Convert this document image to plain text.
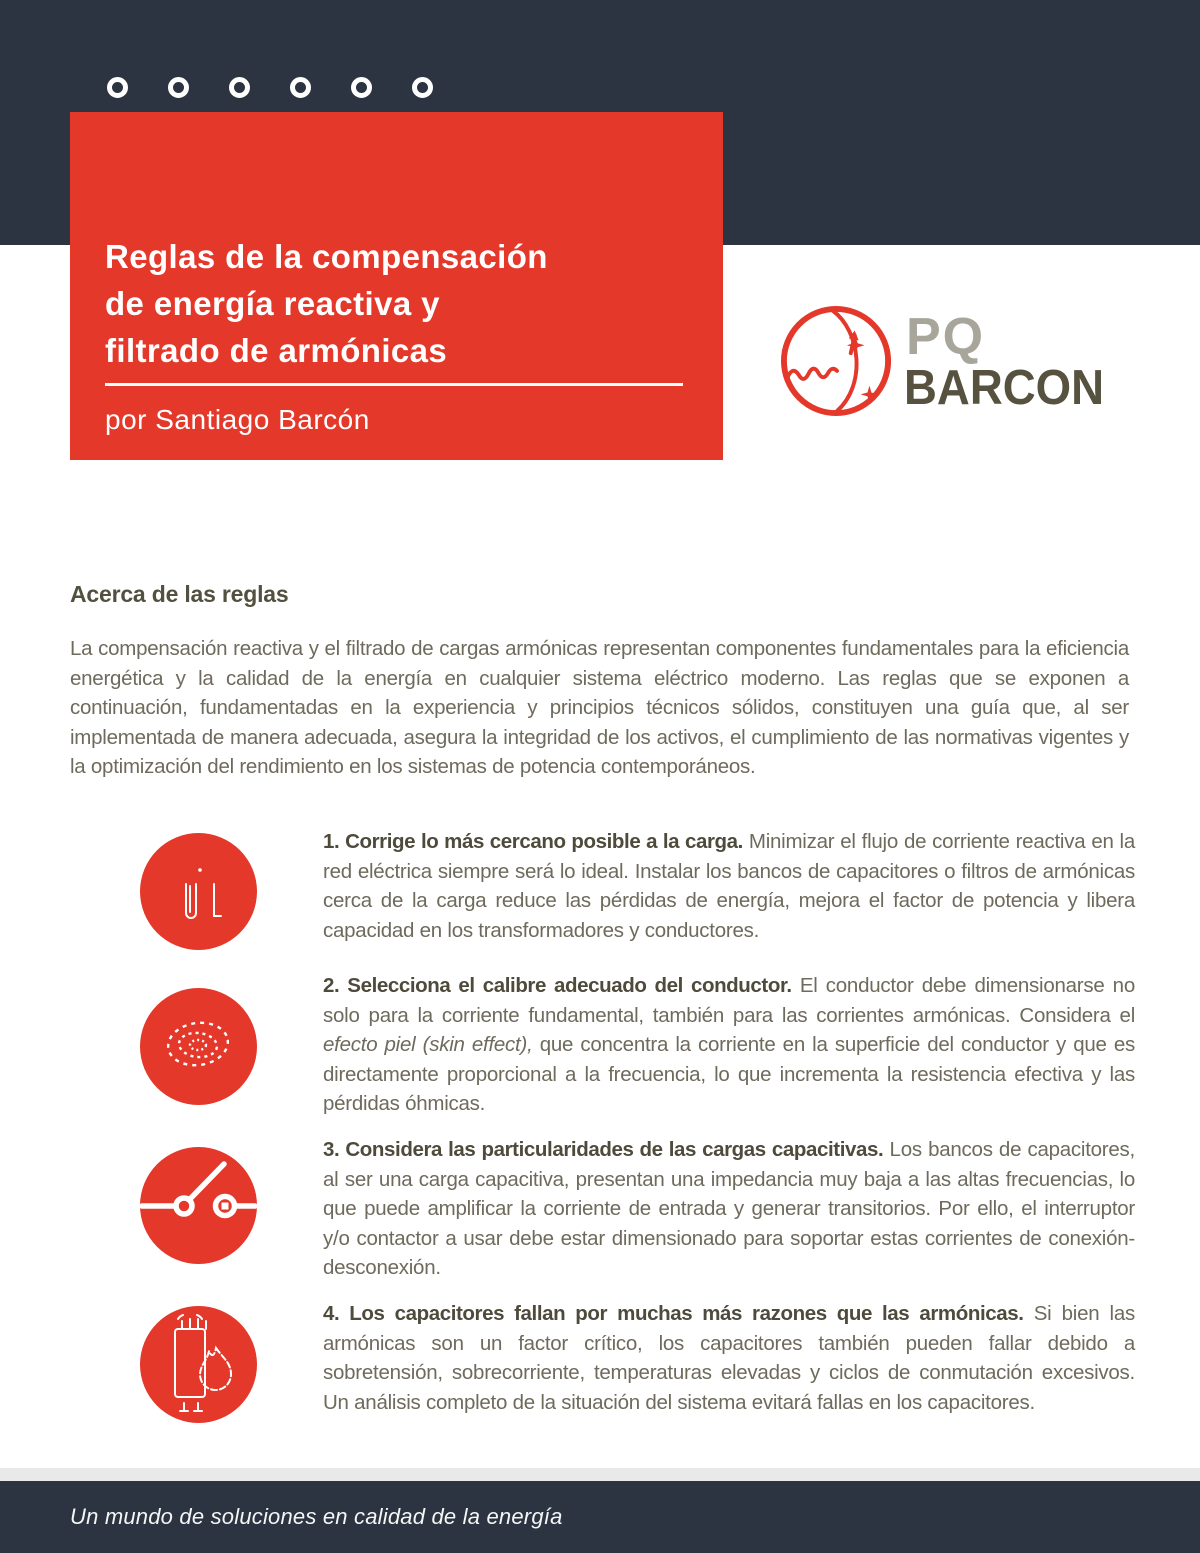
Reglas de la compensación
de energía reactiva y
filtrado de armónicas
por Santiago Barcón
PQ
BARCON
Acerca de las reglas
La compensación reactiva y el filtrado de cargas armónicas representan componentes fundamentales para la eficiencia energética y la calidad de la energía en cualquier sistema eléctrico moderno. Las reglas que se exponen a continuación, fundamentadas en la experiencia y principios técnicos sólidos, constituyen una guía que, al ser implementada de manera adecuada, asegura la integridad de los activos, el cumplimiento de las normativas vigentes y la optimización del rendimiento en los sistemas de potencia contemporáneos.

1. Corrige lo más cercano posible a la carga. Minimizar el flujo de corriente reactiva en la red eléctrica siempre será lo ideal. Instalar los bancos de capacitores o filtros de armónicas cerca de la carga reduce las pérdidas de energía, mejora el factor de potencia y libera capacidad en los transformadores y conductores.

2. Selecciona el calibre adecuado del conductor. El conductor debe dimensionarse no solo para la corriente fundamental, también para las corrientes armónicas. Considera el efecto piel (skin effect), que concentra la corriente en la superficie del conductor y que es directamente proporcional a la frecuencia, lo que incrementa la resistencia efectiva y las pérdidas óhmicas.

3. Considera las particularidades de las cargas capacitivas. Los bancos de capacitores, al ser una carga capacitiva, presentan una impedancia muy baja a las altas frecuencias, lo que puede amplificar la corriente de entrada y generar transitorios. Por ello, el interruptor y/o contactor a usar debe estar dimensionado para soportar estas corrientes de conexión-desconexión.

4. Los capacitores fallan por muchas más razones que las armónicas. Si bien las armónicas son un factor crítico, los capacitores también pueden fallar debido a sobretensión, sobrecorriente, temperaturas elevadas y ciclos de conmutación excesivos. Un análisis completo de la situación del sistema evitará fallas en los capacitores.

Un mundo de soluciones en calidad de la energía
